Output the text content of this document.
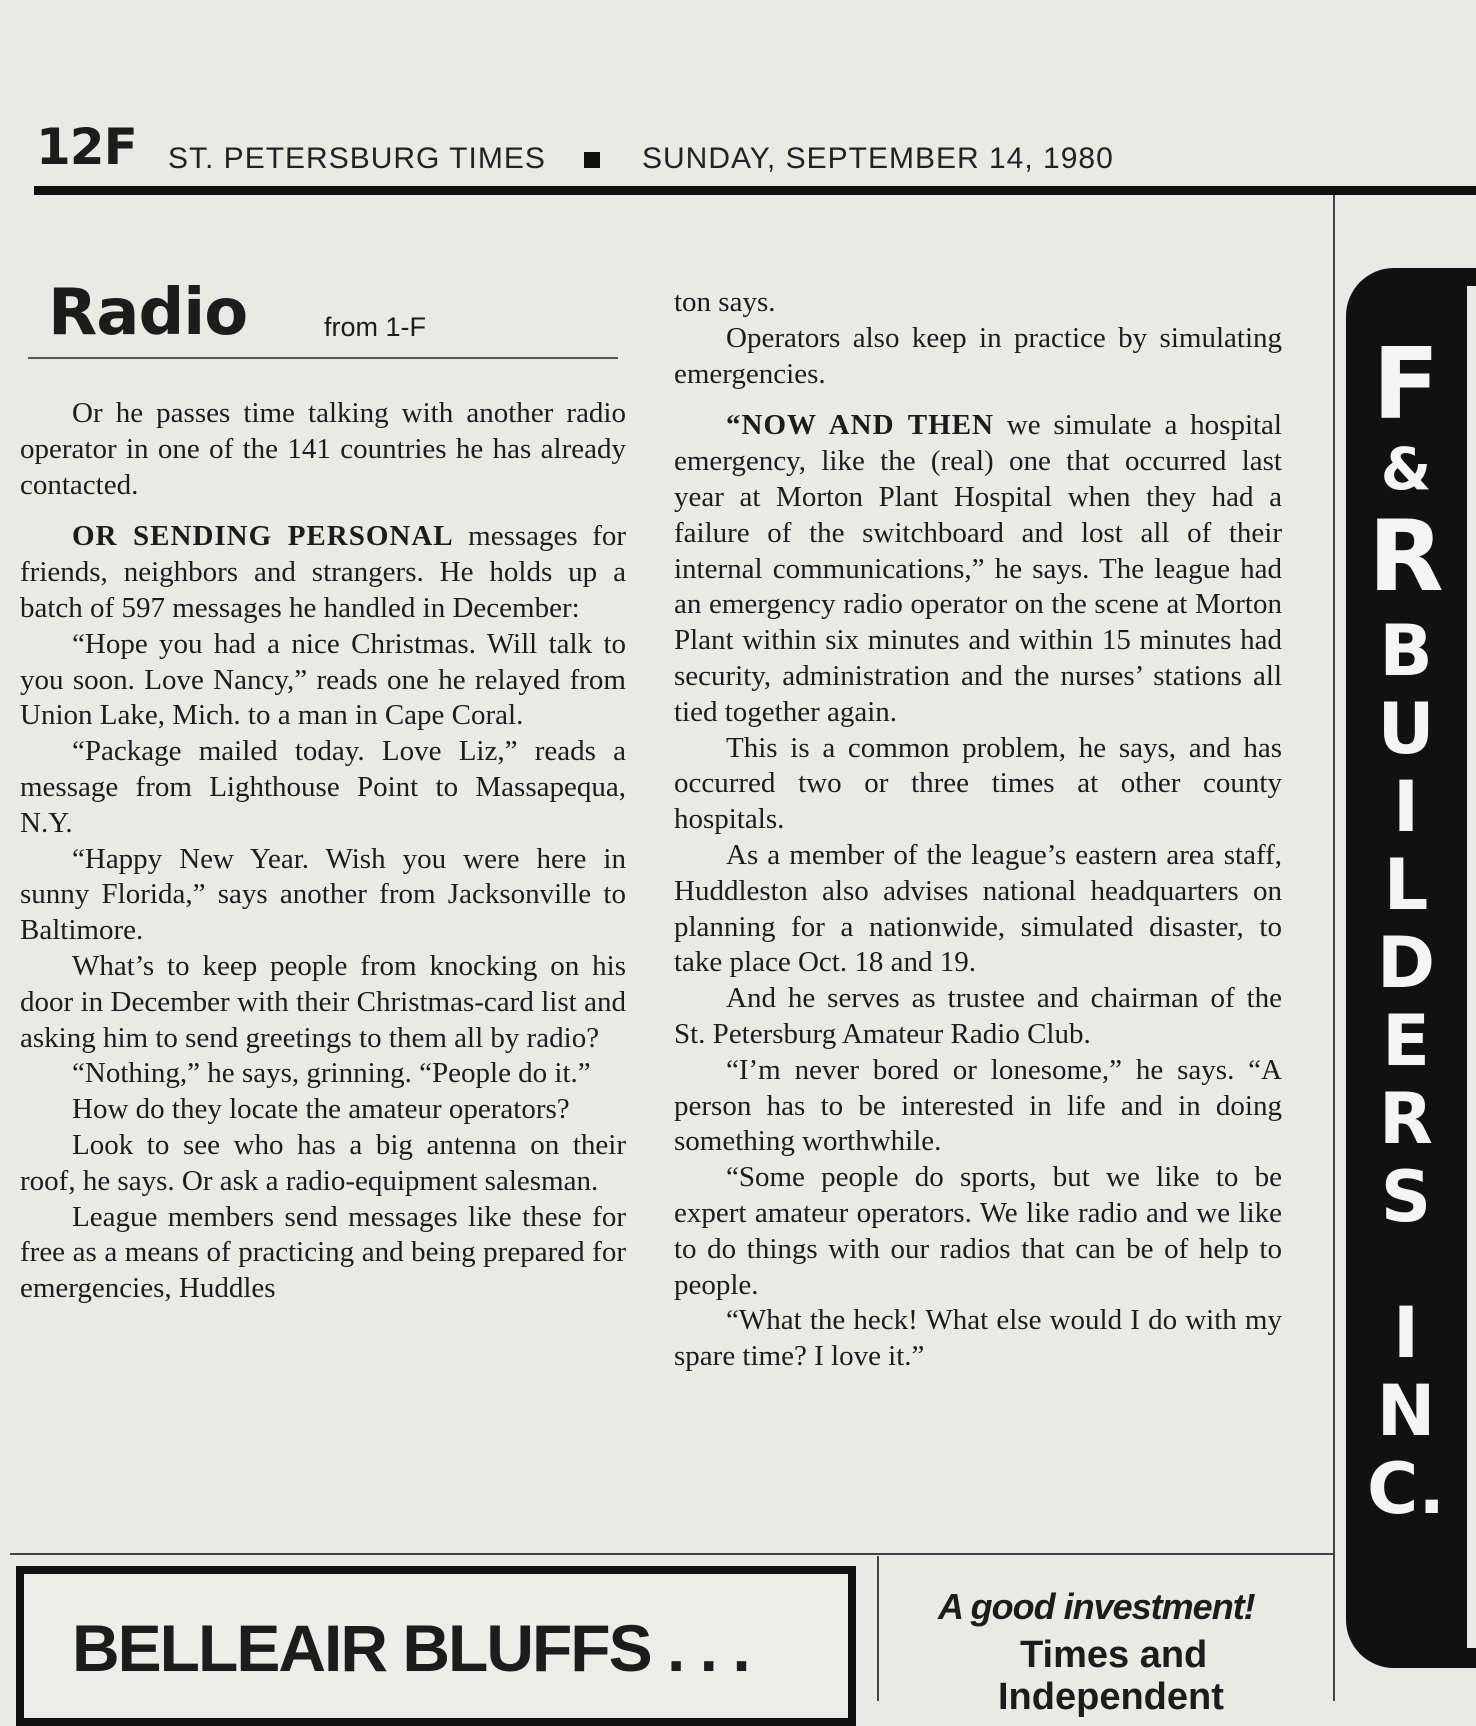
12F ST. PETERSBURG TIMES	SUNDAY, SEPTEMBER 14, 1980
Radio	from 1-F

Or he passes time talking with another radio operator in one of the 141 countries he has already contacted.

OR SENDING PERSONAL messages for friends, neighbors and strangers. He holds up a batch of 597 messages he handled in December:

“Hope you had a nice Christmas. Will talk to you soon. Love Nancy,” reads one he relayed from Union Lake, Mich. to a man in Cape Coral.

“Package mailed today. Love Liz,” reads a message from Lighthouse Point to Massapequa, N.Y.

“Happy New Year. Wish you were here in sunny Florida,” says another from Jacksonville to Baltimore.

What’s to keep people from knocking on his door in December with their Christmas-card list and asking him to send greetings to them all by radio?

“Nothing,” he says, grinning. “People do it.”

How do they locate the amateur operators?

Look to see who has a big antenna on their roof, he says. Or ask a radio-equipment salesman.

League members send messages like these for free as a means of practicing and being prepared for emergencies, Huddles

ton says.

Operators also keep in practice by simulating emergencies.

“NOW AND THEN we simulate a hospital emergency, like the (real) one that occurred last year at Morton Plant Hospital when they had a failure of the switchboard and lost all of their internal communications,” he says. The league had an emergency radio operator on the scene at Morton Plant within six minutes and within 15 minutes had security, administration and the nurses’ stations all tied together again.

This is a common problem, he says, and has occurred two or three times at other county hospitals.

As a member of the league’s eastern area staff, Huddleston also advises national headquarters on planning for a nationwide, simulated disaster, to take place Oct. 18 and 19.

And he serves as trustee and chairman of the St. Petersburg Amateur Radio Club.

“I’m never bored or lonesome,” he says. “A person has to be interested in life and in doing something worthwhile.

“Some people do sports, but we like to be expert amateur operators. We like radio and we like to do things with our radios that can be of help to people.

“What the heck! What else would I do with my spare time? I love it.”

BELLEAIR BLUFFS . . .
A good investment!
Times and
Independent
F
&
R
B
U
I
L
D
E
R
S
I
N
C.
